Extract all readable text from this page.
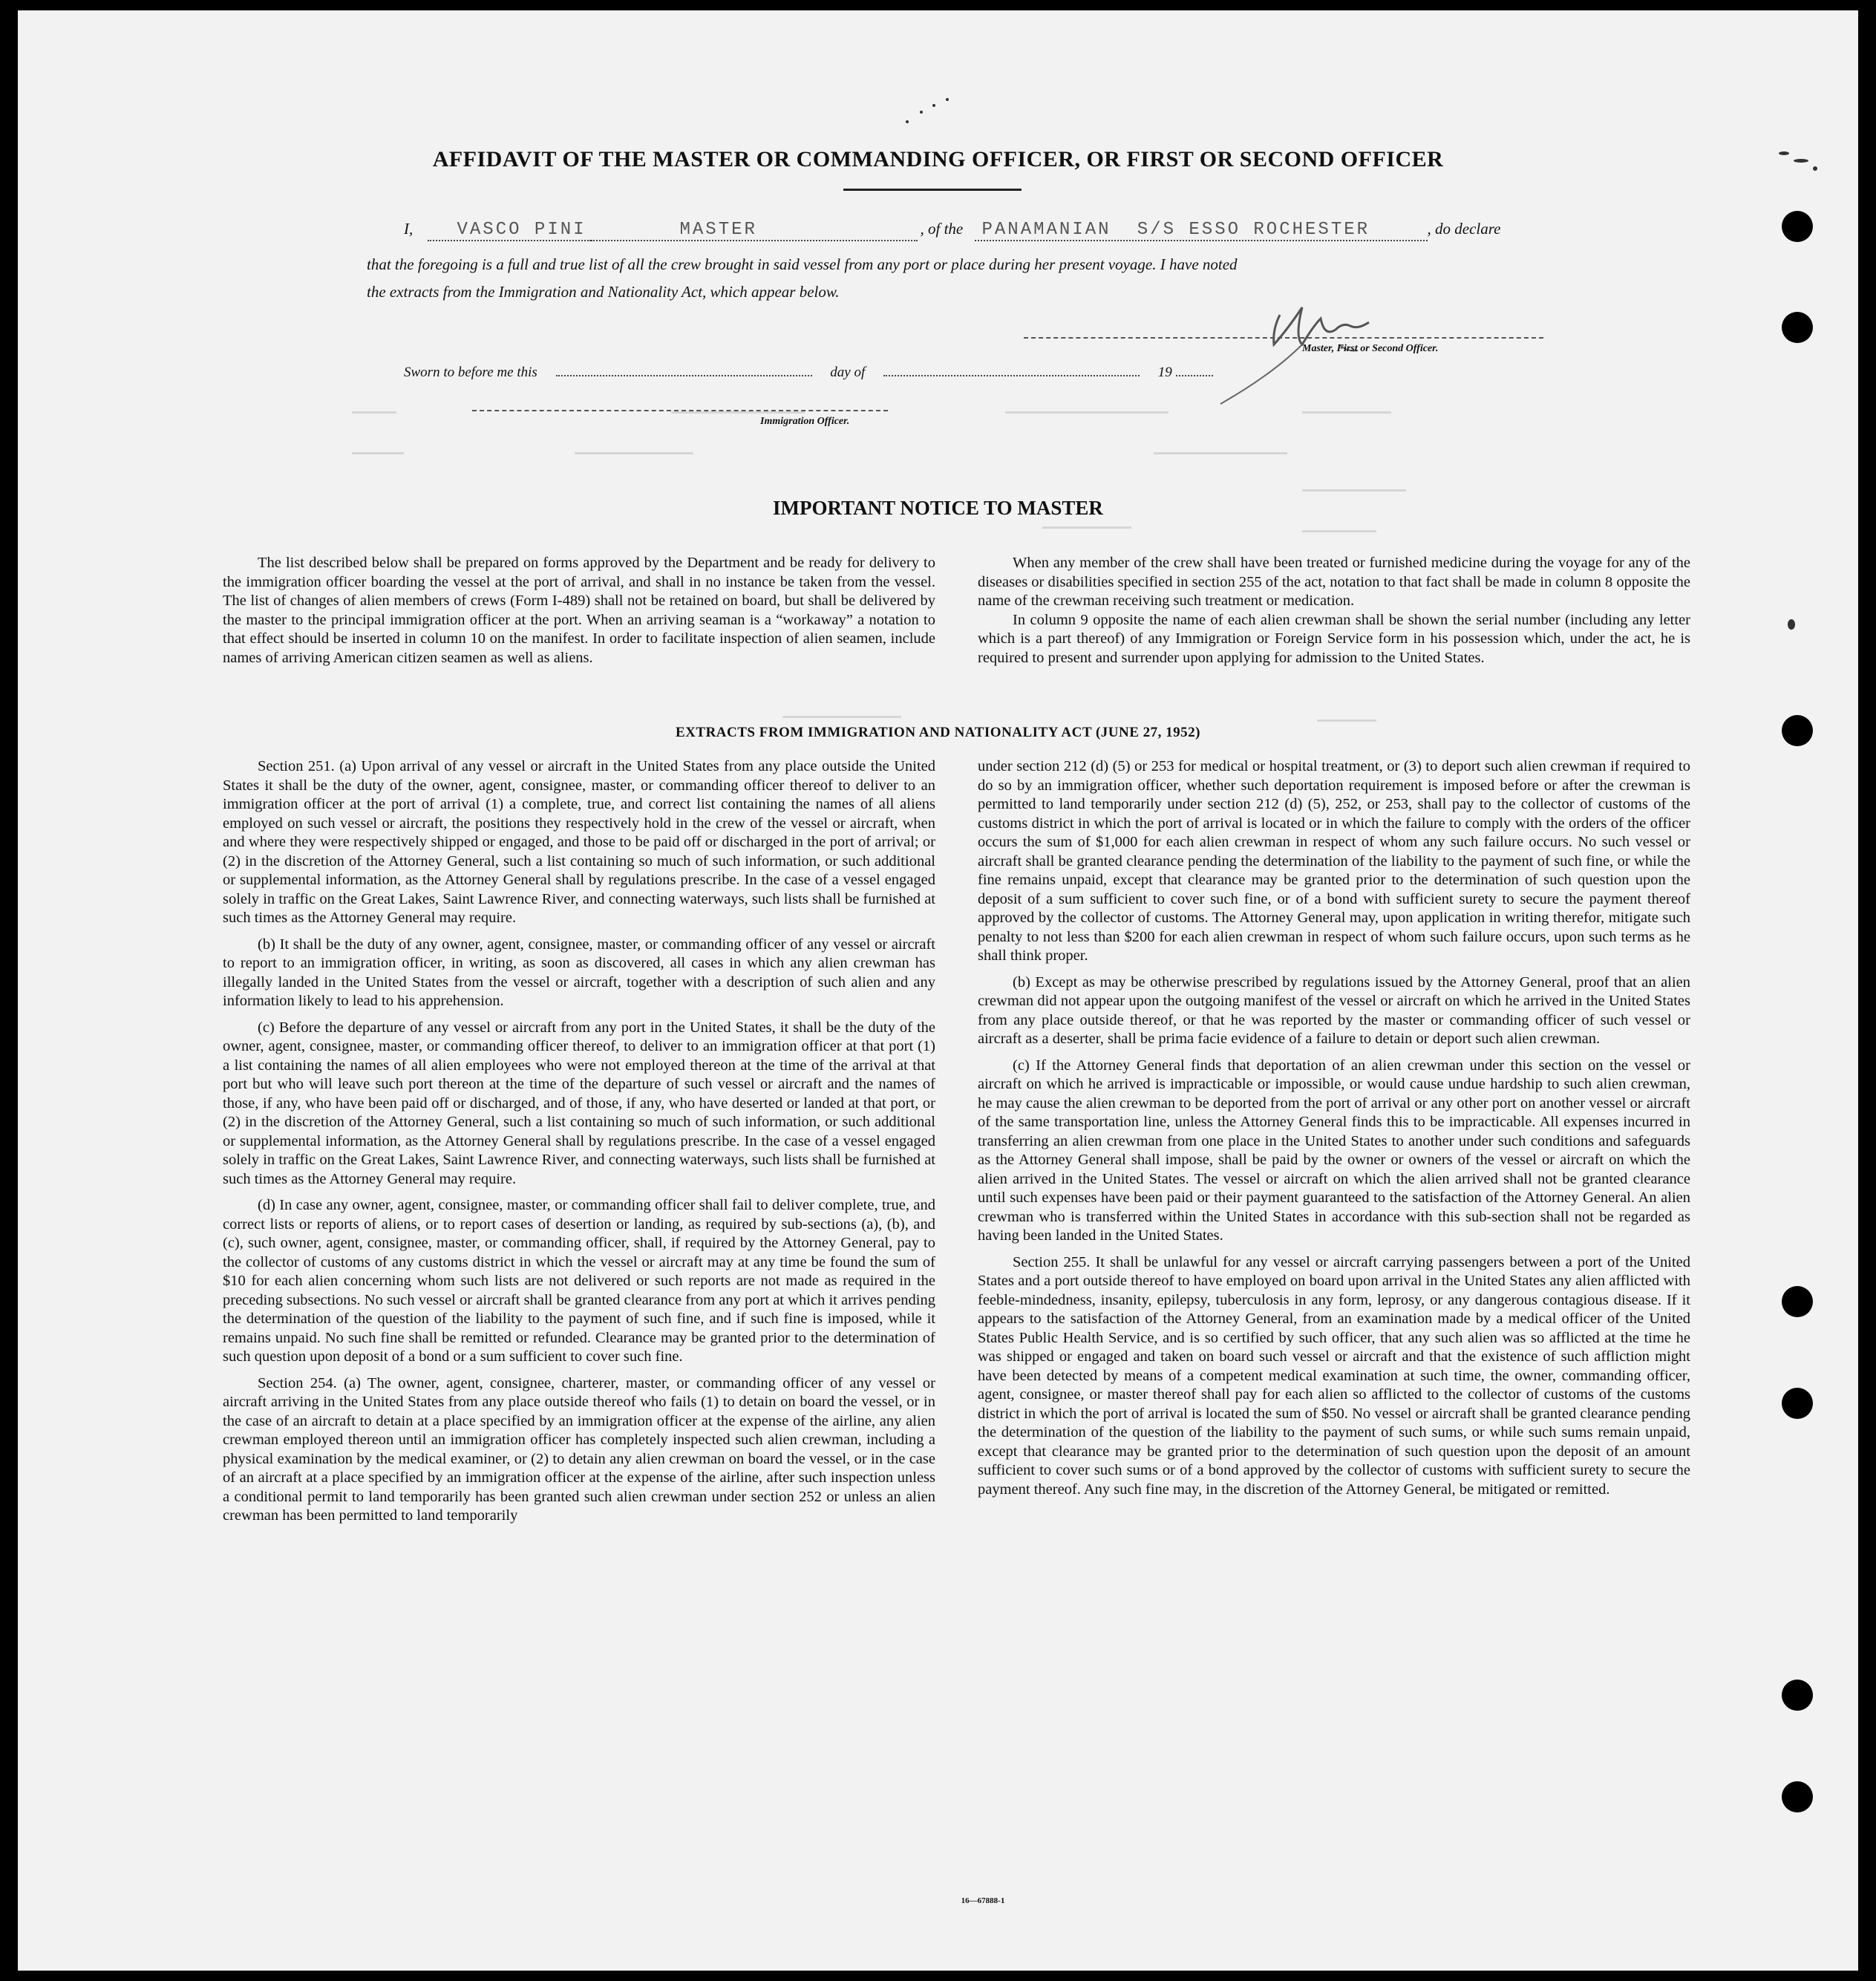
AFFIDAVIT OF THE MASTER OR COMMANDING OFFICER, OR FIRST OR SECOND OFFICER
I, VASCO PINI	MASTER	, of the PANAMANIAN S/S ESSO ROCHESTER	, do declare
that the foregoing is a full and true list of all the crew brought in said vessel from any port or place during her present voyage. I have noted
the extracts from the Immigration and Nationality Act, which appear below.
Master, First or Second Officer.
Sworn to before me this	day of	19
Immigration Officer.
IMPORTANT NOTICE TO MASTER

The list described below shall be prepared on forms approved by the Department and be ready for delivery to the immigration officer boarding the vessel at the port of arrival, and shall in no instance be taken from the vessel. The list of changes of alien members of crews (Form I-489) shall not be retained on board, but shall be delivered by the master to the principal immigration officer at the port. When an arriving seaman is a “workaway” a notation to that effect should be inserted in column 10 on the manifest. In order to facilitate inspection of alien seamen, include names of arriving American citizen seamen as well as aliens.

When any member of the crew shall have been treated or furnished medicine during the voyage for any of the diseases or disabilities specified in section 255 of the act, notation to that fact shall be made in column 8 opposite the name of the crewman receiving such treatment or medication.

In column 9 opposite the name of each alien crewman shall be shown the serial number (including any letter which is a part thereof) of any Immigration or Foreign Service form in his possession which, under the act, he is required to present and surrender upon applying for admission to the United States.

EXTRACTS FROM IMMIGRATION AND NATIONALITY ACT (JUNE 27, 1952)

Section 251. (a) Upon arrival of any vessel or aircraft in the United States from any place outside the United States it shall be the duty of the owner, agent, consignee, master, or commanding officer thereof to deliver to an immigration officer at the port of arrival (1) a complete, true, and correct list containing the names of all aliens employed on such vessel or aircraft, the positions they respectively hold in the crew of the vessel or aircraft, when and where they were respectively shipped or engaged, and those to be paid off or discharged in the port of arrival; or (2) in the discretion of the Attorney General, such a list containing so much of such information, or such additional or supplemental information, as the Attorney General shall by regulations prescribe. In the case of a vessel engaged solely in traffic on the Great Lakes, Saint Lawrence River, and connecting waterways, such lists shall be furnished at such times as the Attorney General may require.

(b) It shall be the duty of any owner, agent, consignee, master, or commanding officer of any vessel or aircraft to report to an immigration officer, in writing, as soon as discovered, all cases in which any alien crewman has illegally landed in the United States from the vessel or aircraft, together with a description of such alien and any information likely to lead to his apprehension.

(c) Before the departure of any vessel or aircraft from any port in the United States, it shall be the duty of the owner, agent, consignee, master, or commanding officer thereof, to deliver to an immigration officer at that port (1) a list containing the names of all alien employees who were not employed thereon at the time of the arrival at that port but who will leave such port thereon at the time of the departure of such vessel or aircraft and the names of those, if any, who have been paid off or discharged, and of those, if any, who have deserted or landed at that port, or (2) in the discretion of the Attorney General, such a list containing so much of such information, or such additional or supplemental information, as the Attorney General shall by regulations prescribe. In the case of a vessel engaged solely in traffic on the Great Lakes, Saint Lawrence River, and connecting waterways, such lists shall be furnished at such times as the Attorney General may require.

(d) In case any owner, agent, consignee, master, or commanding officer shall fail to deliver complete, true, and correct lists or reports of aliens, or to report cases of desertion or landing, as required by sub-sections (a), (b), and (c), such owner, agent, consignee, master, or commanding officer, shall, if required by the Attorney General, pay to the collector of customs of any customs district in which the vessel or aircraft may at any time be found the sum of $10 for each alien concerning whom such lists are not delivered or such reports are not made as required in the preceding subsections. No such vessel or aircraft shall be granted clearance from any port at which it arrives pending the determination of the question of the liability to the payment of such fine, and if such fine is imposed, while it remains unpaid. No such fine shall be remitted or refunded. Clearance may be granted prior to the determination of such question upon deposit of a bond or a sum sufficient to cover such fine.

Section 254. (a) The owner, agent, consignee, charterer, master, or commanding officer of any vessel or aircraft arriving in the United States from any place outside thereof who fails (1) to detain on board the vessel, or in the case of an aircraft to detain at a place specified by an immigration officer at the expense of the airline, any alien crewman employed thereon until an immigration officer has completely inspected such alien crewman, including a physical examination by the medical examiner, or (2) to detain any alien crewman on board the vessel, or in the case of an aircraft at a place specified by an immigration officer at the expense of the airline, after such inspection unless a conditional permit to land temporarily has been granted such alien crewman under section 252 or unless an alien crewman has been permitted to land temporarily

under section 212 (d) (5) or 253 for medical or hospital treatment, or (3) to deport such alien crewman if required to do so by an immigration officer, whether such deportation requirement is imposed before or after the crewman is permitted to land temporarily under section 212 (d) (5), 252, or 253, shall pay to the collector of customs of the customs district in which the port of arrival is located or in which the failure to comply with the orders of the officer occurs the sum of $1,000 for each alien crewman in respect of whom any such failure occurs. No such vessel or aircraft shall be granted clearance pending the determination of the liability to the payment of such fine, or while the fine remains unpaid, except that clearance may be granted prior to the determination of such question upon the deposit of a sum sufficient to cover such fine, or of a bond with sufficient surety to secure the payment thereof approved by the collector of customs. The Attorney General may, upon application in writing therefor, mitigate such penalty to not less than $200 for each alien crewman in respect of whom such failure occurs, upon such terms as he shall think proper.

(b) Except as may be otherwise prescribed by regulations issued by the Attorney General, proof that an alien crewman did not appear upon the outgoing manifest of the vessel or aircraft on which he arrived in the United States from any place outside thereof, or that he was reported by the master or commanding officer of such vessel or aircraft as a deserter, shall be prima facie evidence of a failure to detain or deport such alien crewman.

(c) If the Attorney General finds that deportation of an alien crewman under this section on the vessel or aircraft on which he arrived is impracticable or impossible, or would cause undue hardship to such alien crewman, he may cause the alien crewman to be deported from the port of arrival or any other port on another vessel or aircraft of the same transportation line, unless the Attorney General finds this to be impracticable. All expenses incurred in transferring an alien crewman from one place in the United States to another under such conditions and safeguards as the Attorney General shall impose, shall be paid by the owner or owners of the vessel or aircraft on which the alien arrived in the United States. The vessel or aircraft on which the alien arrived shall not be granted clearance until such expenses have been paid or their payment guaranteed to the satisfaction of the Attorney General. An alien crewman who is transferred within the United States in accordance with this sub-section shall not be regarded as having been landed in the United States.

Section 255. It shall be unlawful for any vessel or aircraft carrying passengers between a port of the United States and a port outside thereof to have employed on board upon arrival in the United States any alien afflicted with feeble-mindedness, insanity, epilepsy, tuberculosis in any form, leprosy, or any dangerous contagious disease. If it appears to the satisfaction of the Attorney General, from an examination made by a medical officer of the United States Public Health Service, and is so certified by such officer, that any such alien was so afflicted at the time he was shipped or engaged and taken on board such vessel or aircraft and that the existence of such affliction might have been detected by means of a competent medical examination at such time, the owner, commanding officer, agent, consignee, or master thereof shall pay for each alien so afflicted to the collector of customs of the customs district in which the port of arrival is located the sum of $50. No vessel or aircraft shall be granted clearance pending the determination of the question of the liability to the payment of such sums, or while such sums remain unpaid, except that clearance may be granted prior to the determination of such question upon the deposit of an amount sufficient to cover such sums or of a bond approved by the collector of customs with sufficient surety to secure the payment thereof. Any such fine may, in the discretion of the Attorney General, be mitigated or remitted.

16—67888-1
